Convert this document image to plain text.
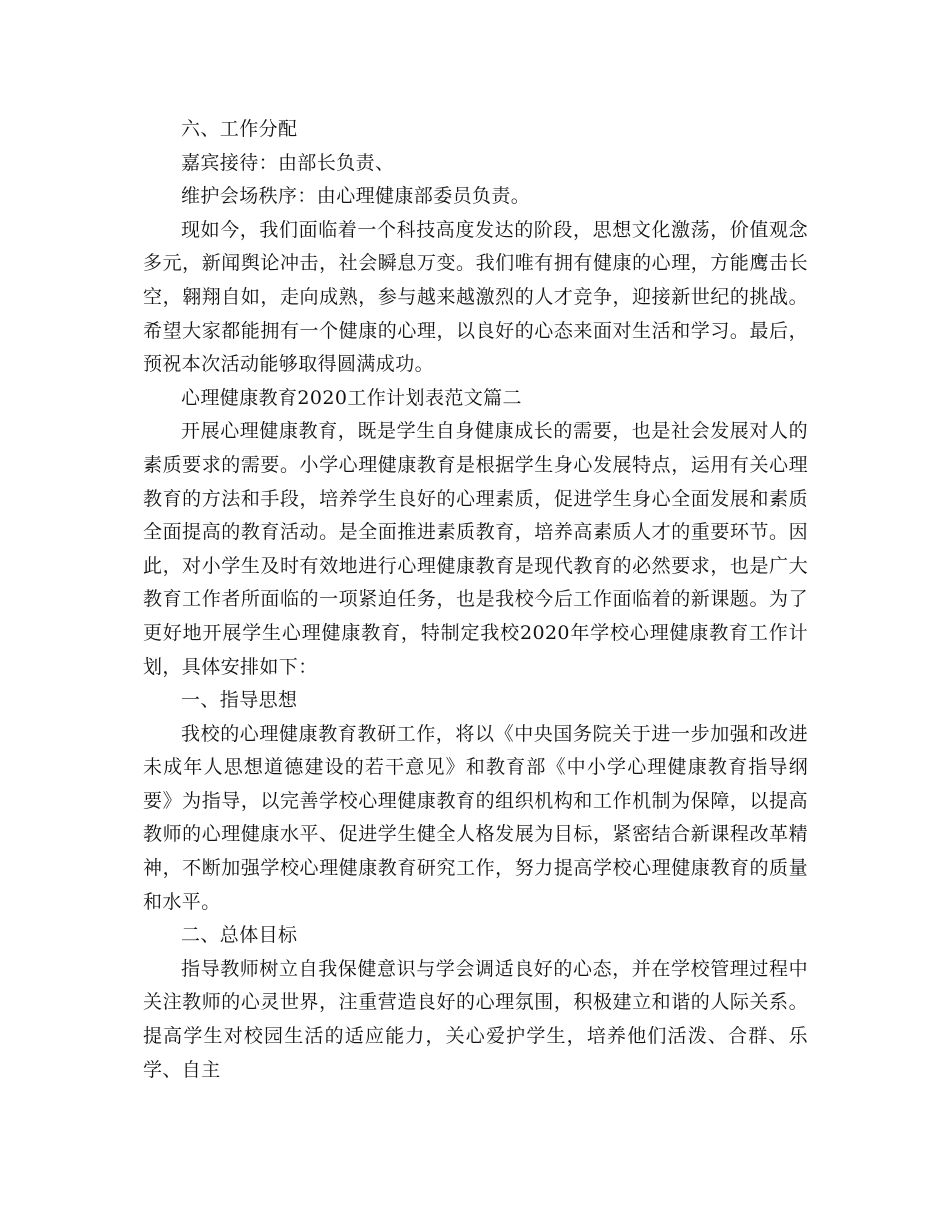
六、工作分配

嘉宾接待：由部长负责、

维护会场秩序：由心理健康部委员负责。

现如今，我们面临着一个科技高度发达的阶段，思想文化激荡，价值观念多元，新闻舆论冲击，社会瞬息万变。我们唯有拥有健康的心理，方能鹰击长空，翱翔自如，走向成熟，参与越来越激烈的人才竞争，迎接新世纪的挑战。希望大家都能拥有一个健康的心理，以良好的心态来面对生活和学习。最后，预祝本次活动能够取得圆满成功。

心理健康教育2020工作计划表范文篇二

开展心理健康教育，既是学生自身健康成长的需要，也是社会发展对人的素质要求的需要。小学心理健康教育是根据学生身心发展特点，运用有关心理教育的方法和手段，培养学生良好的心理素质，促进学生身心全面发展和素质全面提高的教育活动。是全面推进素质教育，培养高素质人才的重要环节。因此，对小学生及时有效地进行心理健康教育是现代教育的必然要求，也是广大教育工作者所面临的一项紧迫任务，也是我校今后工作面临着的新课题。为了更好地开展学生心理健康教育，特制定我校2020年学校心理健康教育工作计划，具体安排如下：

一、指导思想

我校的心理健康教育教研工作，将以《中央国务院关于进一步加强和改进未成年人思想道德建设的若干意见》和教育部《中小学心理健康教育指导纲要》为指导，以完善学校心理健康教育的组织机构和工作机制为保障，以提高教师的心理健康水平、促进学生健全人格发展为目标，紧密结合新课程改革精神，不断加强学校心理健康教育研究工作，努力提高学校心理健康教育的质量和水平。

二、总体目标

指导教师树立自我保健意识与学会调适良好的心态，并在学校管理过程中关注教师的心灵世界，注重营造良好的心理氛围，积极建立和谐的人际关系。提高学生对校园生活的适应能力，关心爱护学生，培养他们活泼、合群、乐学、自主
